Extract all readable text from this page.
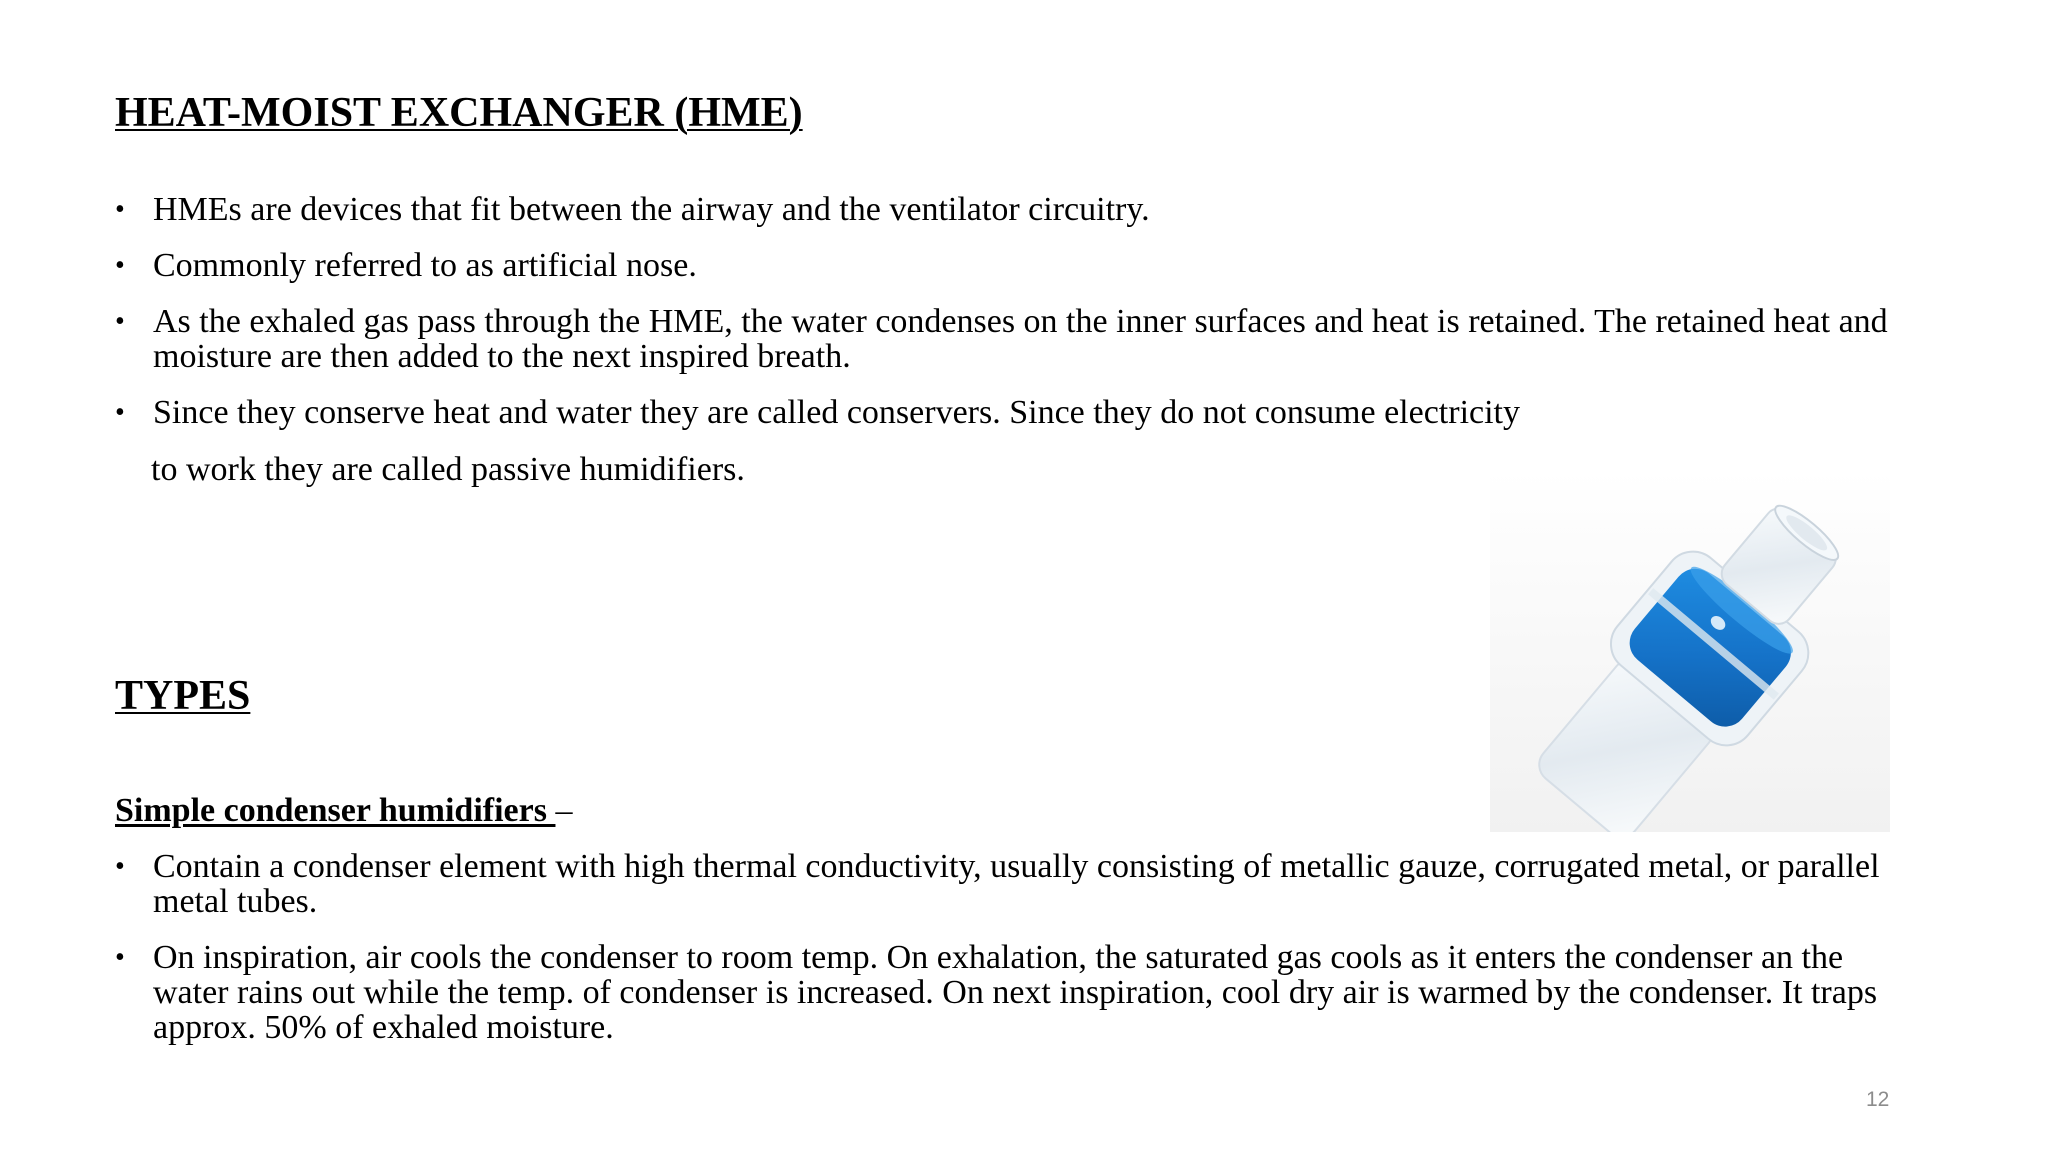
HEAT-MOIST EXCHANGER (HME)
• HMEs are devices that fit between the airway and the ventilator circuitry.
• Commonly referred to as artificial nose.
• As the exhaled gas pass through the HME, the water condenses on the inner surfaces and heat is retained. The retained heat and moisture are then added to the next inspired breath.
• Since they conserve heat and water they are called conservers. Since they do not consume electricity

to work they are called passive humidifiers.

TYPES

Simple condenser humidifiers –

• Contain a condenser element with high thermal conductivity, usually consisting of metallic gauze, corrugated metal, or parallel metal tubes.
• On inspiration, air cools the condenser to room temp. On exhalation, the saturated gas cools as it enters the condenser an the water rains out while the temp. of condenser is increased. On next inspiration, cool dry air is warmed by the condenser. It traps approx. 50% of exhaled moisture.

12
